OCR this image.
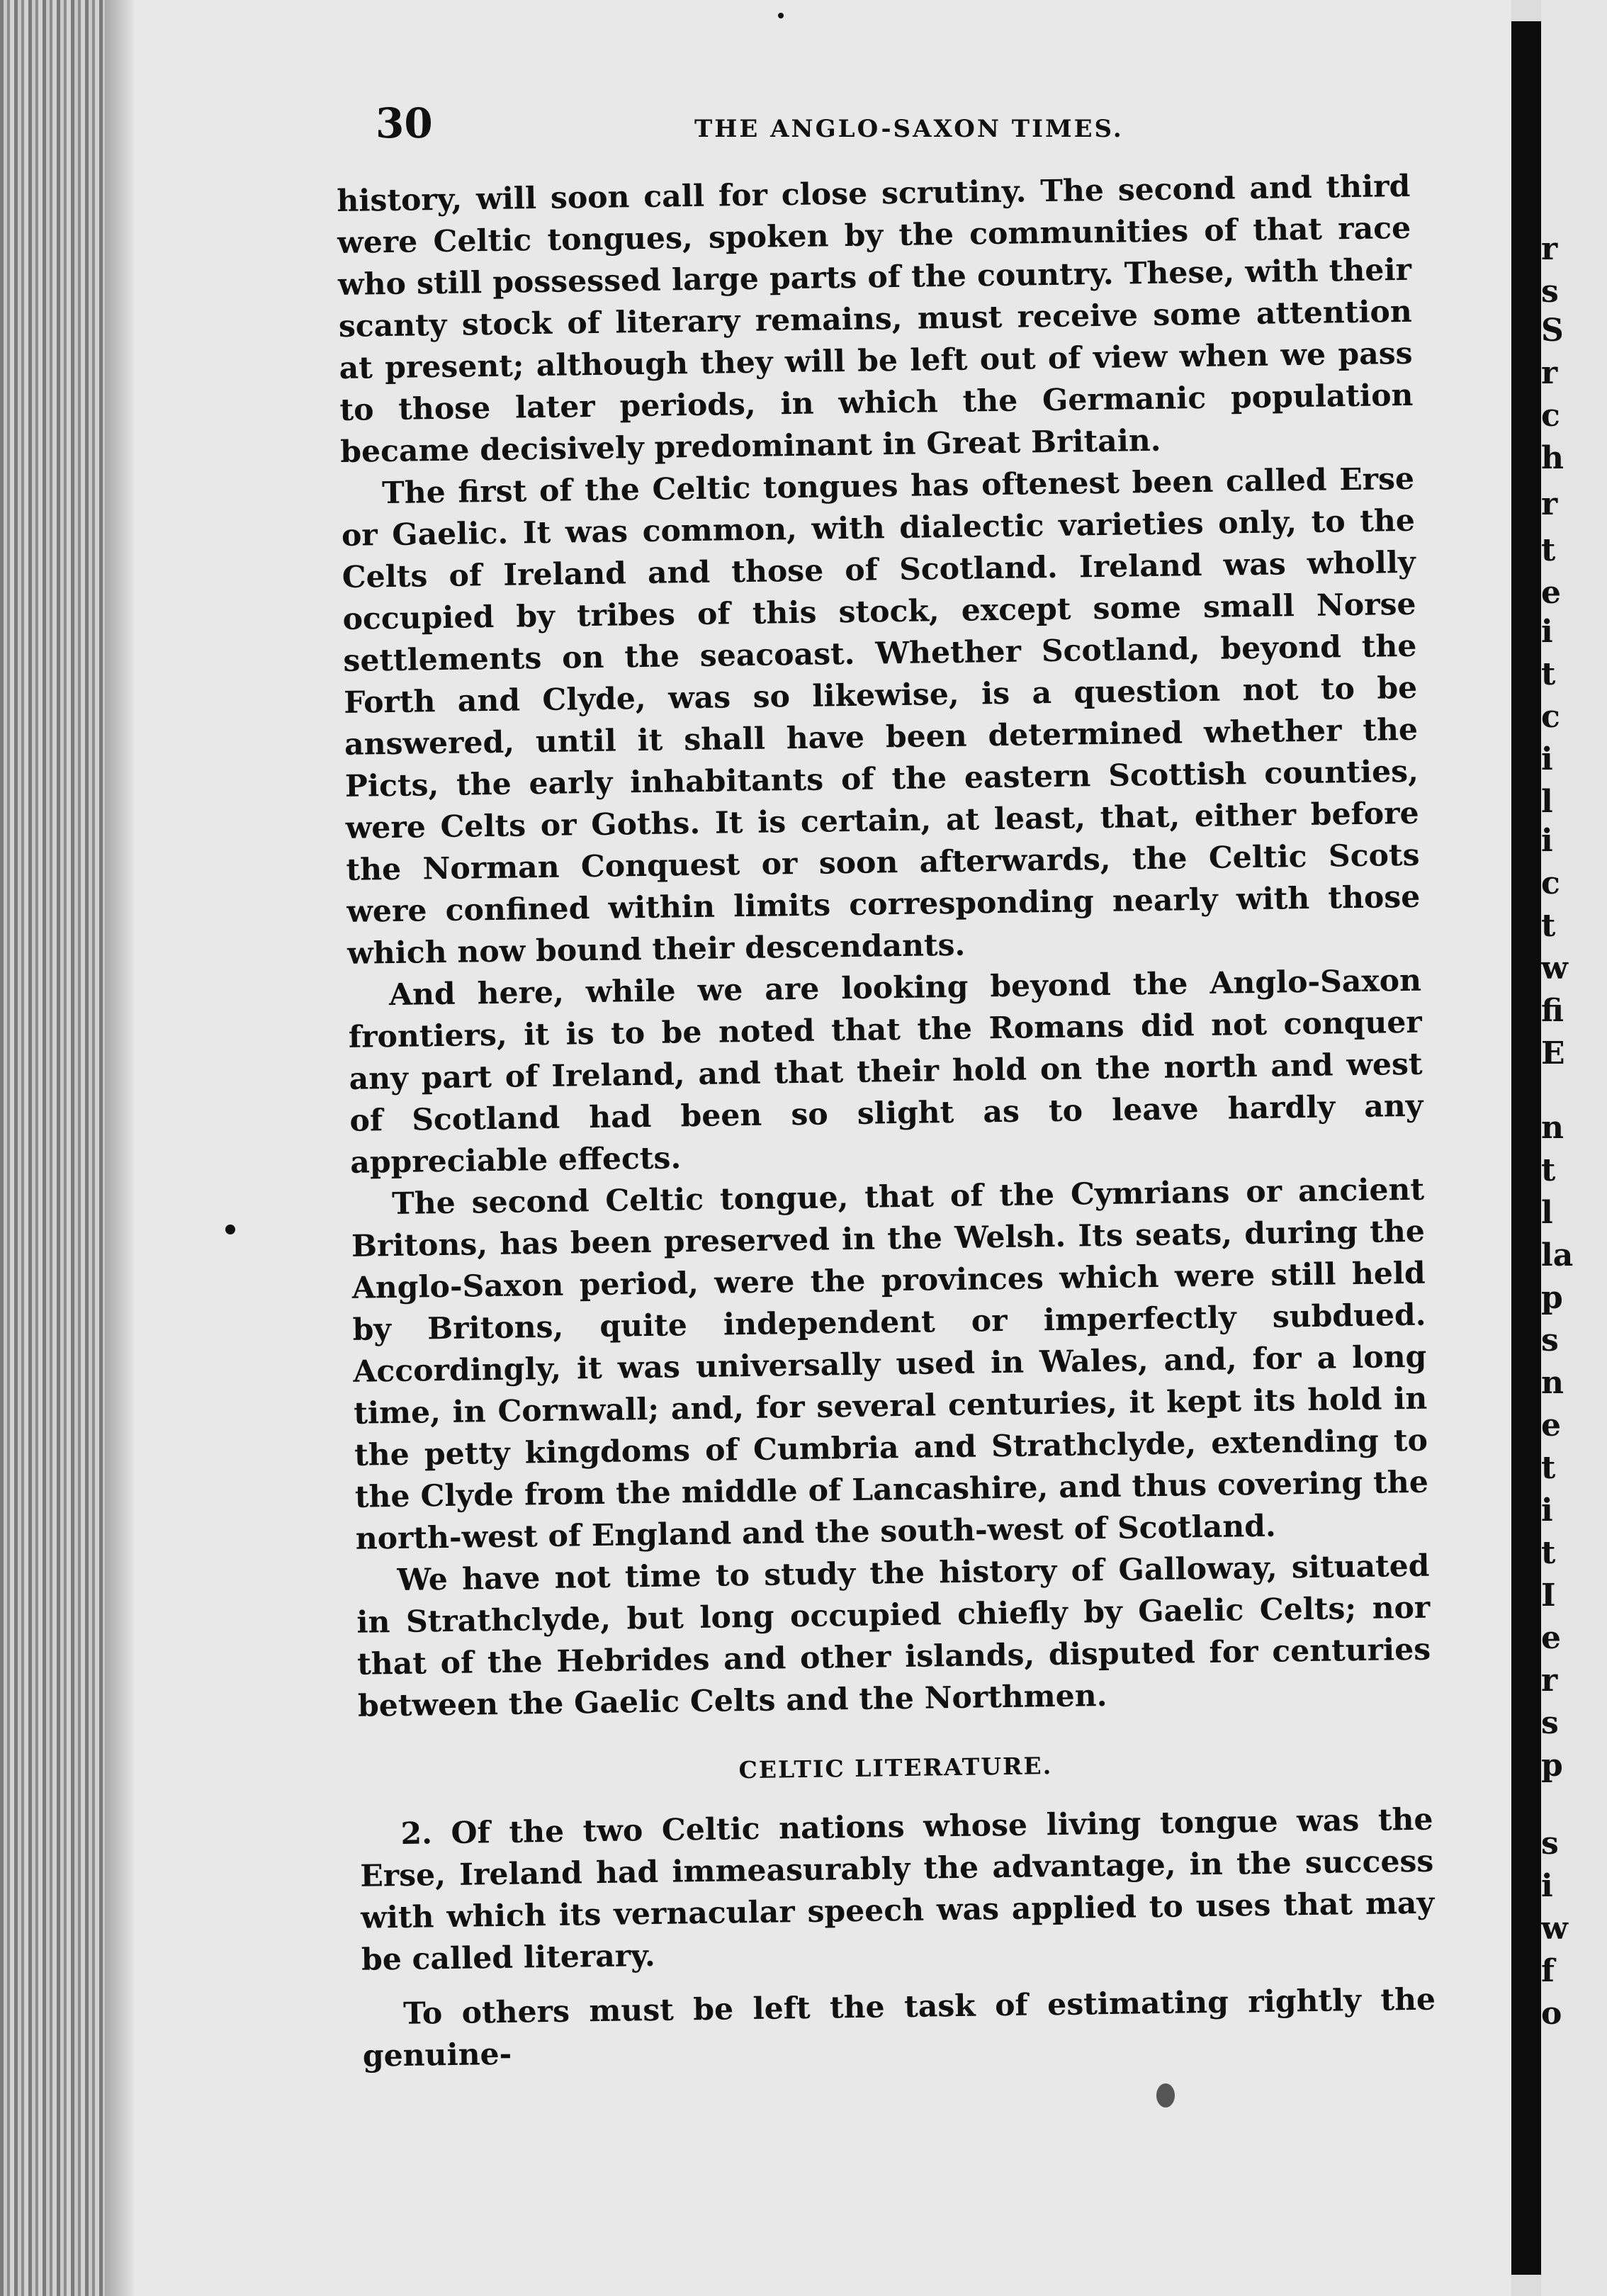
30	THE ANGLO-SAXON TIMES.

history, will soon call for close scrutiny. The second and third were Celtic tongues, spoken by the communities of that race who still possessed large parts of the country. These, with their scanty stock of literary remains, must receive some attention at present; although they will be left out of view when we pass to those later periods, in which the Germanic population became decisively predominant in Great Britain.

The first of the Celtic tongues has oftenest been called Erse or Gaelic. It was common, with dialectic varieties only, to the Celts of Ireland and those of Scotland. Ireland was wholly occupied by tribes of this stock, except some small Norse settlements on the seacoast. Whether Scotland, beyond the Forth and Clyde, was so likewise, is a question not to be answered, until it shall have been determined whether the Picts, the early inhabitants of the eastern Scottish counties, were Celts or Goths. It is certain, at least, that, either before the Norman Conquest or soon afterwards, the Celtic Scots were confined within limits corresponding nearly with those which now bound their descendants.

And here, while we are looking beyond the Anglo-Saxon frontiers, it is to be noted that the Romans did not conquer any part of Ireland, and that their hold on the north and west of Scotland had been so slight as to leave hardly any appreciable effects.

The second Celtic tongue, that of the Cymrians or ancient Britons, has been preserved in the Welsh. Its seats, during the Anglo-Saxon period, were the provinces which were still held by Britons, quite independent or imperfectly subdued. Accordingly, it was universally used in Wales, and, for a long time, in Cornwall; and, for several centuries, it kept its hold in the petty kingdoms of Cumbria and Strathclyde, extending to the Clyde from the middle of Lancashire, and thus covering the north-west of England and the south-west of Scotland.

We have not time to study the history of Galloway, situated in Strathclyde, but long occupied chiefly by Gaelic Celts; nor that of the Hebrides and other islands, disputed for centuries between the Gaelic Celts and the Northmen.

CELTIC LITERATURE.

2. Of the two Celtic nations whose living tongue was the Erse, Ireland had immeasurably the advantage, in the success with which its vernacular speech was applied to uses that may be called literary.

To others must be left the task of estimating rightly the genuine-

r
s
S
r
c
h
r
t
e
i
t
c
i
l
i
c
t
w
fi
E
n
t
l
la
p
s
n
e
t
i
t
I
e
r
s
p
s
i
w
f
o
